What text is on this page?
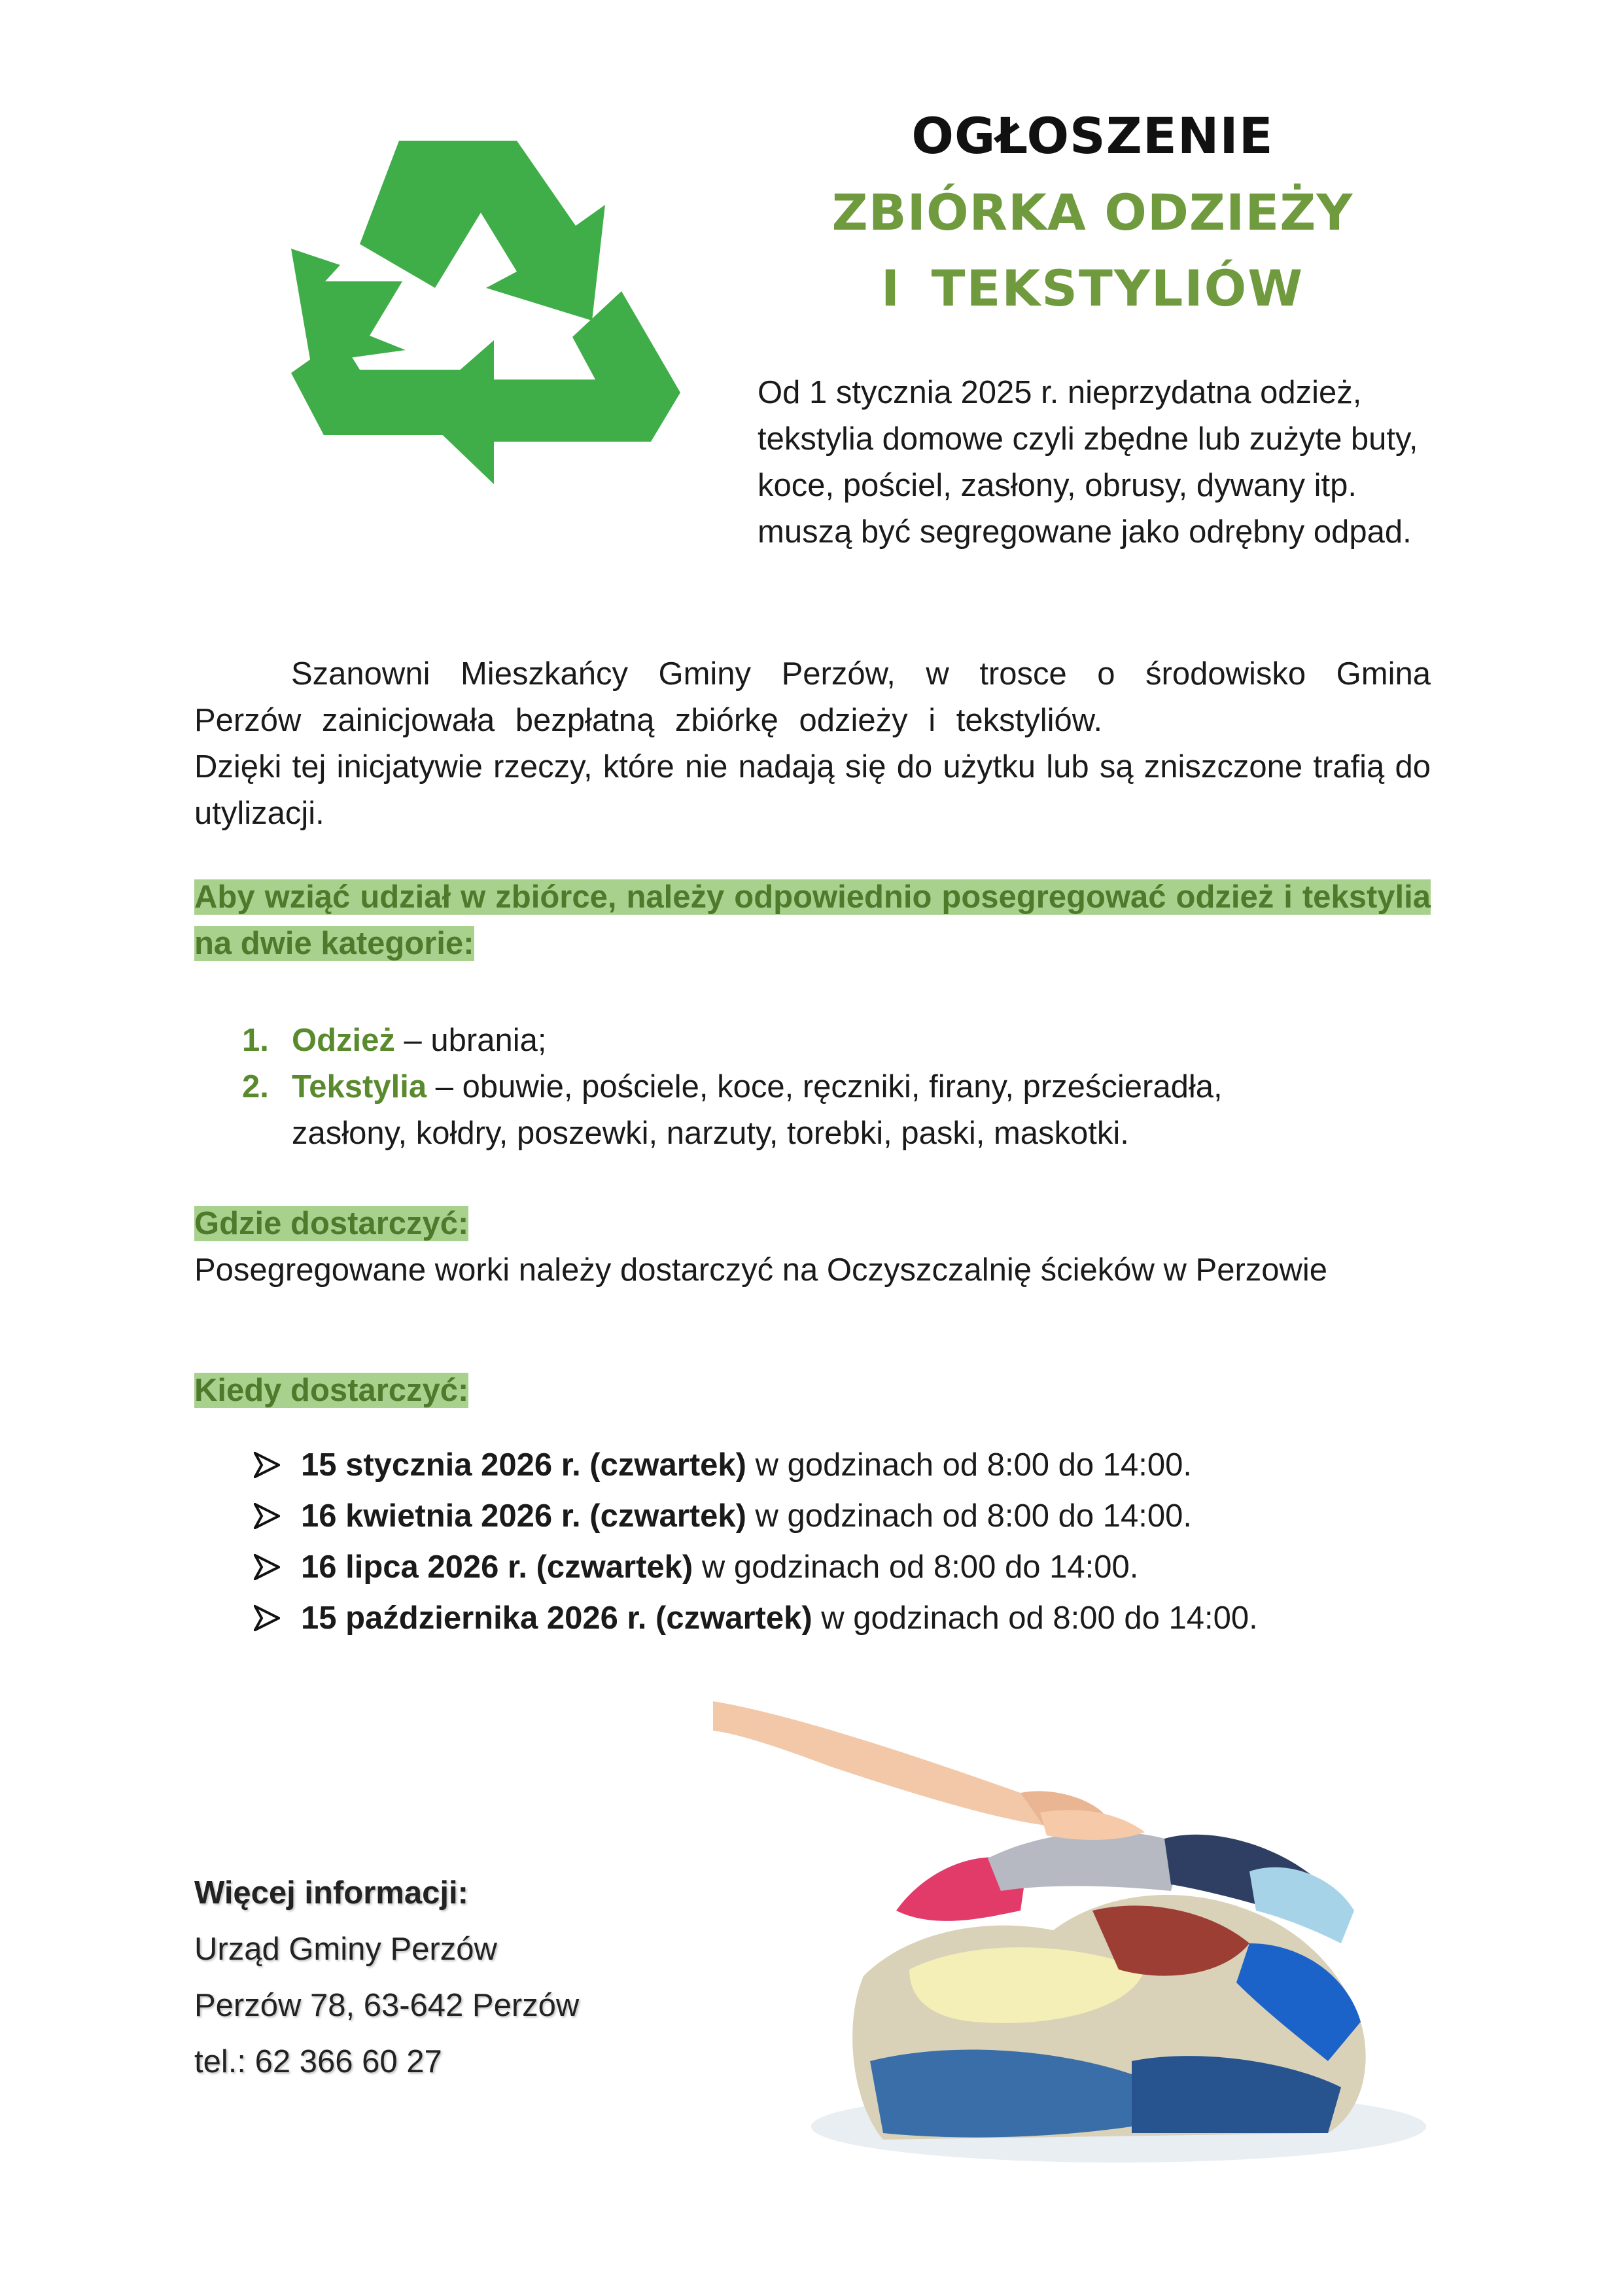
OGŁOSZENIE
ZBIÓRKA ODZIEŻY
I TEKSTYLIÓW
Od 1 stycznia 2025 r. nieprzydatna odzież, tekstylia domowe czyli zbędne lub zużyte buty, koce, pościel, zasłony, obrusy, dywany itp. muszą być segregowane jako odrębny odpad.

Szanowni Mieszkańcy Gminy Perzów, w trosce o środowisko Gmina Perzów zainicjowała bezpłatną zbiórkę odzieży i tekstyliów.

Dzięki tej inicjatywie rzeczy, które nie nadają się do użytku lub są zniszczone trafią do utylizacji.

Aby wziąć udział w zbiórce, należy odpowiednio posegregować odzież i tekstylia na dwie kategorie:
1. Odzież – ubrania;
2. Tekstylia – obuwie, pościele, koce, ręczniki, firany, prześcieradła, zasłony, kołdry, poszewki, narzuty, torebki, paski, maskotki.
Gdzie dostarczyć:
Posegregowane worki należy dostarczyć na Oczyszczalnię ścieków w Perzowie
Kiedy dostarczyć:
15 stycznia 2026 r. (czwartek) w godzinach od 8:00 do 14:00.
16 kwietnia 2026 r. (czwartek) w godzinach od 8:00 do 14:00.
16 lipca 2026 r. (czwartek) w godzinach od 8:00 do 14:00.
15 października 2026 r. (czwartek) w godzinach od 8:00 do 14:00.
Więcej informacji:
Urząd Gminy Perzów
Perzów 78, 63-642 Perzów
tel.: 62 366 60 27
